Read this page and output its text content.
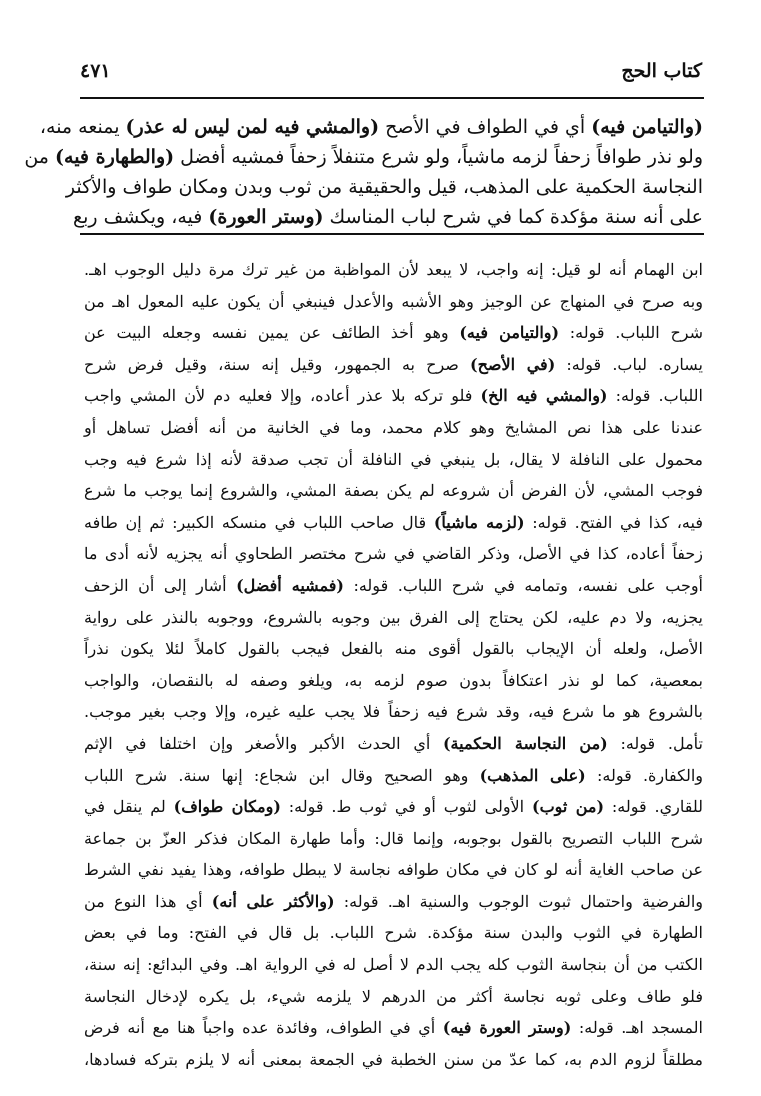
كتاب الحج
٤٧١
(والتيامن فيه) أي في الطواف في الأصح (والمشي فيه لمن ليس له عذر) يمنعه منه،
ولو نذر طوافاً زحفاً لزمه ماشياً، ولو شرع متنفلاً زحفاً فمشيه أفضل (والطهارة فيه) من
النجاسة الحكمية على المذهب، قيل والحقيقية من ثوب وبدن ومكان طواف والأكثر
على أنه سنة مؤكدة كما في شرح لباب المناسك (وستر العورة) فيه، ويكشف ربع
ابن الهمام أنه لو قيل: إنه واجب، لا يبعد لأن المواظبة من غير ترك مرة دليل الوجوب اهـ.
وبه صرح في المنهاج عن الوجيز وهو الأشبه والأعدل فينبغي أن يكون عليه المعول اهـ من
شرح اللباب. قوله: (والتيامن فيه) وهو أخذ الطائف عن يمين نفسه وجعله البيت عن
يساره. لباب. قوله: (في الأصح) صرح به الجمهور، وقيل إنه سنة، وقيل فرض شرح
اللباب. قوله: (والمشي فيه الخ) فلو تركه بلا عذر أعاده، وإلا فعليه دم لأن المشي واجب
عندنا على هذا نص المشايخ وهو كلام محمد، وما في الخانية من أنه أفضل تساهل أو
محمول على النافلة لا يقال، بل ينبغي في النافلة أن تجب صدقة لأنه إذا شرع فيه وجب
فوجب المشي، لأن الفرض أن شروعه لم يكن بصفة المشي، والشروع إنما يوجب ما شرع
فيه، كذا في الفتح. قوله: (لزمه ماشياً) قال صاحب اللباب في منسكه الكبير: ثم إن طافه
زحفاً أعاده، كذا في الأصل، وذكر القاضي في شرح مختصر الطحاوي أنه يجزيه لأنه أدى ما
أوجب على نفسه، وتمامه في شرح اللباب. قوله: (فمشيه أفضل) أشار إلى أن الزحف
يجزيه، ولا دم عليه، لكن يحتاج إلى الفرق بين وجوبه بالشروع، ووجوبه بالنذر على رواية
الأصل، ولعله أن الإيجاب بالقول أقوى منه بالفعل فيجب بالقول كاملاً لئلا يكون نذراً
بمعصية، كما لو نذر اعتكافاً بدون صوم لزمه به، ويلغو وصفه له بالنقصان، والواجب
بالشروع هو ما شرع فيه، وقد شرع فيه زحفاً فلا يجب عليه غيره، وإلا وجب بغير موجب.
تأمل. قوله: (من النجاسة الحكمية) أي الحدث الأكبر والأصغر وإن اختلفا في الإثم
والكفارة. قوله: (على المذهب) وهو الصحيح وقال ابن شجاع: إنها سنة. شرح اللباب
للقاري. قوله: (من ثوب) الأولى لثوب أو في ثوب ط. قوله: (ومكان طواف) لم ينقل في
شرح اللباب التصريح بالقول بوجوبه، وإنما قال: وأما طهارة المكان فذكر العزّ بن جماعة
عن صاحب الغاية أنه لو كان في مكان طوافه نجاسة لا يبطل طوافه، وهذا يفيد نفي الشرط
والفرضية واحتمال ثبوت الوجوب والسنية اهـ. قوله: (والأكثر على أنه) أي هذا النوع من
الطهارة في الثوب والبدن سنة مؤكدة. شرح اللباب. بل قال في الفتح: وما في بعض
الكتب من أن بنجاسة الثوب كله يجب الدم لا أصل له في الرواية اهـ. وفي البدائع: إنه سنة،
فلو طاف وعلى ثوبه نجاسة أكثر من الدرهم لا يلزمه شيء، بل يكره لإدخال النجاسة
المسجد اهـ. قوله: (وستر العورة فيه) أي في الطواف، وفائدة عده واجباً هنا مع أنه فرض
مطلقاً لزوم الدم به، كما عدّ من سنن الخطبة في الجمعة بمعنى أنه لا يلزم بتركه فسادها،
